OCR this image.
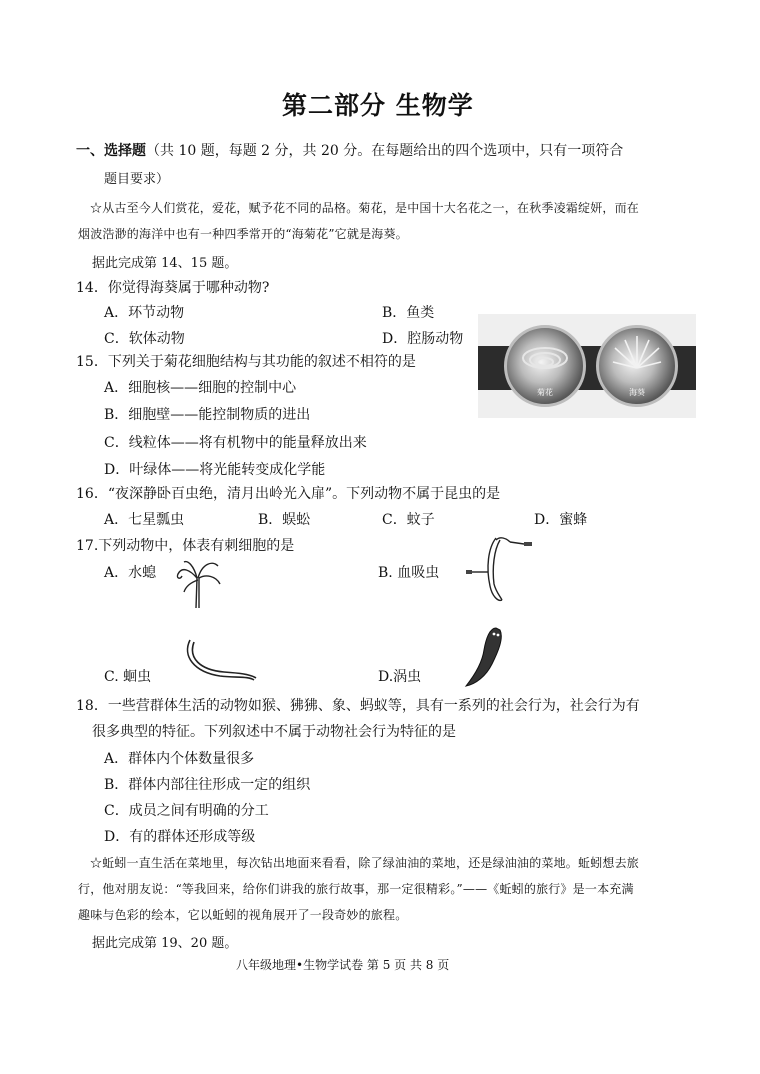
第二部分 生物学
一、选择题（共 10 题，每题 2 分，共 20 分。在每题给出的四个选项中，只有一项符合
题目要求）
☆从古至今人们赏花，爱花，赋予花不同的品格。菊花，是中国十大名花之一，在秋季凌霜绽妍，而在
烟波浩渺的海洋中也有一种四季常开的“海菊花”它就是海葵。
据此完成第 14、15 题。
14．你觉得海葵属于哪种动物?
A．环节动物	B．鱼类
C．软体动物	D．腔肠动物
菊花	海葵
15．下列关于菊花细胞结构与其功能的叙述不相符的是
A．细胞核——细胞的控制中心
B．细胞壁——能控制物质的进出
C．线粒体——将有机物中的能量释放出来
D．叶绿体——将光能转变成化学能
16．“夜深静卧百虫绝，清月出岭光入扉”。下列动物不属于昆虫的是
A．七星瓢虫	B．蜈蚣	C．蚊子	D．蜜蜂
17.下列动物中，体表有刺细胞的是
A．水螅	B. 血吸虫
C. 蛔虫	D.涡虫
18．一些营群体生活的动物如猴、狒狒、象、蚂蚁等，具有一系列的社会行为，社会行为有
很多典型的特征。下列叙述中不属于动物社会行为特征的是
A．群体内个体数量很多
B．群体内部往往形成一定的组织
C．成员之间有明确的分工
D．有的群体还形成等级
☆蚯蚓一直生活在菜地里，每次钻出地面来看看，除了绿油油的菜地，还是绿油油的菜地。蚯蚓想去旅
行，他对朋友说：“等我回来，给你们讲我的旅行故事，那一定很精彩。”——《蚯蚓的旅行》是一本充满
趣味与色彩的绘本，它以蚯蚓的视角展开了一段奇妙的旅程。
据此完成第 19、20 题。
八年级地理•生物学试卷 第 5 页 共 8 页
